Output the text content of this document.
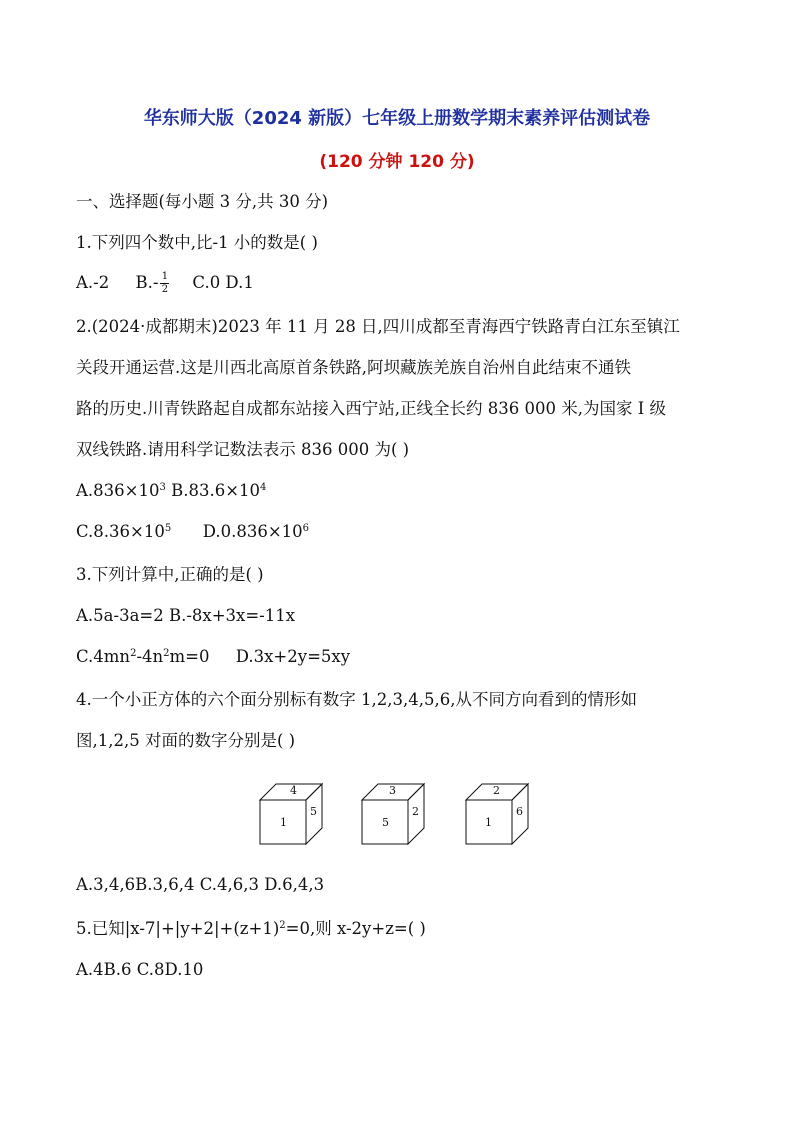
华东师大版（2024 新版）七年级上册数学期末素养评估测试卷
(120 分钟 120 分)
一、选择题(每小题 3 分,共 30 分)
1.下列四个数中,比-1 小的数是( )
A.-2 $B.- \frac{1}{2} C.0$ D.1
2.(2024·成都期末)2023 年 11 月 28 日,四川成都至青海西宁铁路青白江东至镇江
关段开通运营.这是川西北高原首条铁路,阿坝藏族羌族自治州自此结束不通铁
路的历史.川青铁路起自成都东站接入西宁站,正线全长约 836 000 米,为国家 I 级
双线铁路.请用科学记数法表示 836 000 为( )
$A.836\times 10^3$ $B.83.6\times 10^4$
$C.8.36\times 10^5$ $D.0.836\times 10^6$
3.下列计算中,正确的是( )
A.5a-3a=2 B.-8x+3x=-11x
$C.4mn^2-4n^2m=0$ D.3x+2y=5xy
4.一个小正方体的六个面分别标有数字 1,2,3,4,5,6,从不同方向看到的情形如
图,1,2,5 对面的数字分别是( )
4
1
5
3
5
2
2
1
6
A.3,4,6B.3,6,4 C.4,6,3 D.6,4,3
5.已知$|x-7|+|y+2|+(z+1)^2=0$,则 x-2y+z=( )
A.4B.6 C.8D.10
